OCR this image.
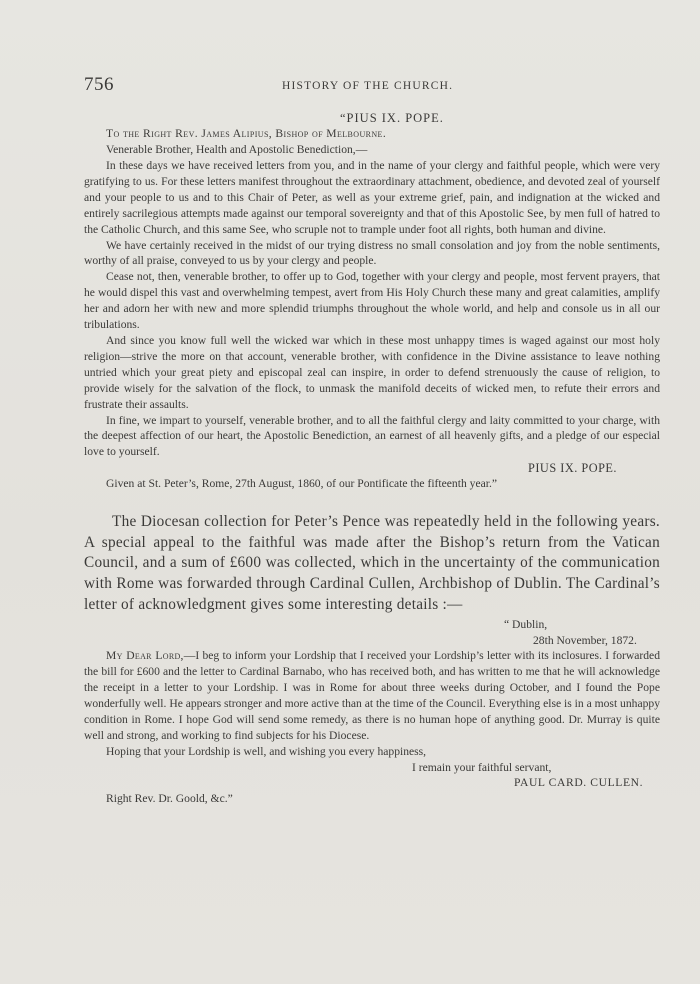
756	HISTORY OF THE CHURCH.

“PIUS IX. POPE.

To the Right Rev. James Alipius, Bishop of Melbourne.

Venerable Brother, Health and Apostolic Benediction,—

In these days we have received letters from you, and in the name of your clergy and faithful people, which were very gratifying to us. For these letters manifest throughout the extraordinary attachment, obedience, and devoted zeal of yourself and your people to us and to this Chair of Peter, as well as your extreme grief, pain, and indignation at the wicked and entirely sacrilegious attempts made against our temporal sovereignty and that of this Apostolic See, by men full of hatred to the Catholic Church, and this same See, who scruple not to trample under foot all rights, both human and divine.

We have certainly received in the midst of our trying distress no small consolation and joy from the noble sentiments, worthy of all praise, conveyed to us by your clergy and people.

Cease not, then, venerable brother, to offer up to God, together with your clergy and people, most fervent prayers, that he would dispel this vast and overwhelming tempest, avert from His Holy Church these many and great calamities, amplify her and adorn her with new and more splendid triumphs throughout the whole world, and help and console us in all our tribulations.

And since you know full well the wicked war which in these most unhappy times is waged against our most holy religion—strive the more on that account, venerable brother, with confidence in the Divine assistance to leave nothing untried which your great piety and episcopal zeal can inspire, in order to defend strenuously the cause of religion, to provide wisely for the salvation of the flock, to unmask the manifold deceits of wicked men, to refute their errors and frustrate their assaults.

In fine, we impart to yourself, venerable brother, and to all the faithful clergy and laity committed to your charge, with the deepest affection of our heart, the Apostolic Benediction, an earnest of all heavenly gifts, and a pledge of our especial love to yourself.

PIUS IX. POPE.

Given at St. Peter’s, Rome, 27th August, 1860, of our Pontificate the fifteenth year.”

The Diocesan collection for Peter’s Pence was repeatedly held in the following years. A special appeal to the faithful was made after the Bishop’s return from the Vatican Council, and a sum of £600 was collected, which in the uncertainty of the communication with Rome was forwarded through Cardinal Cullen, Archbishop of Dublin. The Cardinal’s letter of acknowledgment gives some interesting details :—

“ Dublin,

28th November, 1872.

My Dear Lord,—I beg to inform your Lordship that I received your Lordship’s letter with its inclosures. I forwarded the bill for £600 and the letter to Cardinal Barnabo, who has received both, and has written to me that he will acknowledge the receipt in a letter to your Lordship. I was in Rome for about three weeks during October, and I found the Pope wonderfully well. He appears stronger and more active than at the time of the Council. Everything else is in a most unhappy condition in Rome. I hope God will send some remedy, as there is no human hope of anything good. Dr. Murray is quite well and strong, and working to find subjects for his Diocese.

Hoping that your Lordship is well, and wishing you every happiness,

I remain your faithful servant,

PAUL CARD. CULLEN.

Right Rev. Dr. Goold, &c.”
